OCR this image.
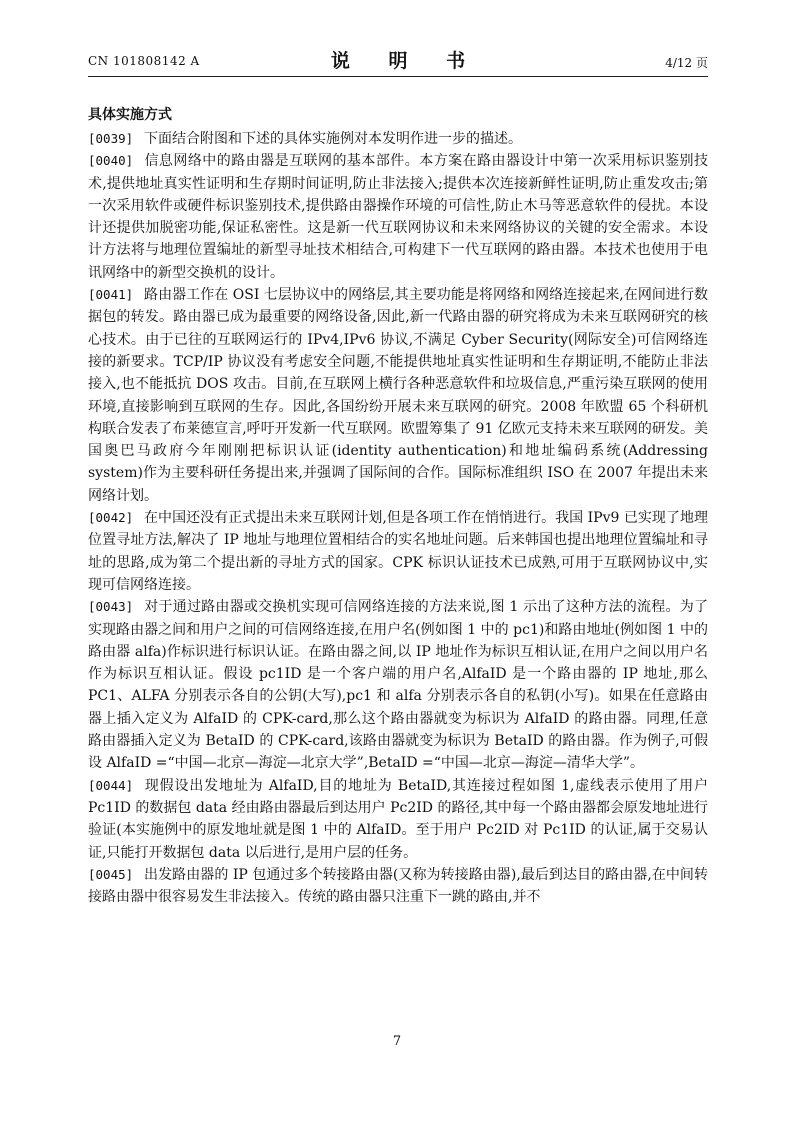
CN 101808142 A	说 明 书	4/12 页
具体实施方式

[0039] 下面结合附图和下述的具体实施例对本发明作进一步的描述。

[0040] 信息网络中的路由器是互联网的基本部件。本方案在路由器设计中第一次采用标识鉴别技术,提供地址真实性证明和生存期时间证明,防止非法接入;提供本次连接新鲜性证明,防止重发攻击;第一次采用软件或硬件标识鉴别技术,提供路由器操作环境的可信性,防止木马等恶意软件的侵扰。本设计还提供加脱密功能,保证私密性。这是新一代互联网协议和未来网络协议的关键的安全需求。本设计方法将与地理位置编址的新型寻址技术相结合,可构建下一代互联网的路由器。本技术也使用于电讯网络中的新型交换机的设计。

[0041] 路由器工作在 OSI 七层协议中的网络层,其主要功能是将网络和网络连接起来,在网间进行数据包的转发。路由器已成为最重要的网络设备,因此,新一代路由器的研究将成为未来互联网研究的核心技术。由于已往的互联网运行的 IPv4,IPv6 协议,不满足 Cyber Security(网际安全)可信网络连接的新要求。TCP/IP 协议没有考虑安全问题,不能提供地址真实性证明和生存期证明,不能防止非法接入,也不能抵抗 DOS 攻击。目前,在互联网上横行各种恶意软件和垃圾信息,严重污染互联网的使用环境,直接影响到互联网的生存。因此,各国纷纷开展未来互联网的研究。2008 年欧盟 65 个科研机构联合发表了布莱德宣言,呼吁开发新一代互联网。欧盟筹集了 91 亿欧元支持未来互联网的研发。美国奥巴马政府今年刚刚把标识认证(identity authentication)和地址编码系统(Addressing system)作为主要科研任务提出来,并强调了国际间的合作。国际标准组织 ISO 在 2007 年提出未来网络计划。

[0042] 在中国还没有正式提出未来互联网计划,但是各项工作在悄悄进行。我国 IPv9 已实现了地理位置寻址方法,解决了 IP 地址与地理位置相结合的实名地址问题。后来韩国也提出地理位置编址和寻址的思路,成为第二个提出新的寻址方式的国家。CPK 标识认证技术已成熟,可用于互联网协议中,实现可信网络连接。

[0043] 对于通过路由器或交换机实现可信网络连接的方法来说,图 1 示出了这种方法的流程。为了实现路由器之间和用户之间的可信网络连接,在用户名(例如图 1 中的 pc1)和路由地址(例如图 1 中的路由器 alfa)作标识进行标识认证。在路由器之间,以 IP 地址作为标识互相认证,在用户之间以用户名作为标识互相认证。假设 pc1ID 是一个客户端的用户名,AlfaID 是一个路由器的 IP 地址,那么 PC1、ALFA 分别表示各自的公钥(大写),pc1 和 alfa 分别表示各自的私钥(小写)。如果在任意路由器上插入定义为 AlfaID 的 CPK-card,那么这个路由器就变为标识为 AlfaID 的路由器。同理,任意路由器插入定义为 BetaID 的 CPK-card,该路由器就变为标识为 BetaID 的路由器。作为例子,可假设 AlfaID =“中国—北京—海淀—北京大学”,BetaID =“中国—北京—海淀—清华大学”。

[0044] 现假设出发地址为 AlfaID,目的地址为 BetaID,其连接过程如图 1,虚线表示使用了用户 Pc1ID 的数据包 data 经由路由器最后到达用户 Pc2ID 的路径,其中每一个路由器都会原发地址进行验证(本实施例中的原发地址就是图 1 中的 AlfaID。至于用户 Pc2ID 对 Pc1ID 的认证,属于交易认证,只能打开数据包 data 以后进行,是用户层的任务。

[0045] 出发路由器的 IP 包通过多个转接路由器(又称为转接路由器),最后到达目的路由器,在中间转接路由器中很容易发生非法接入。传统的路由器只注重下一跳的路由,并不

7
